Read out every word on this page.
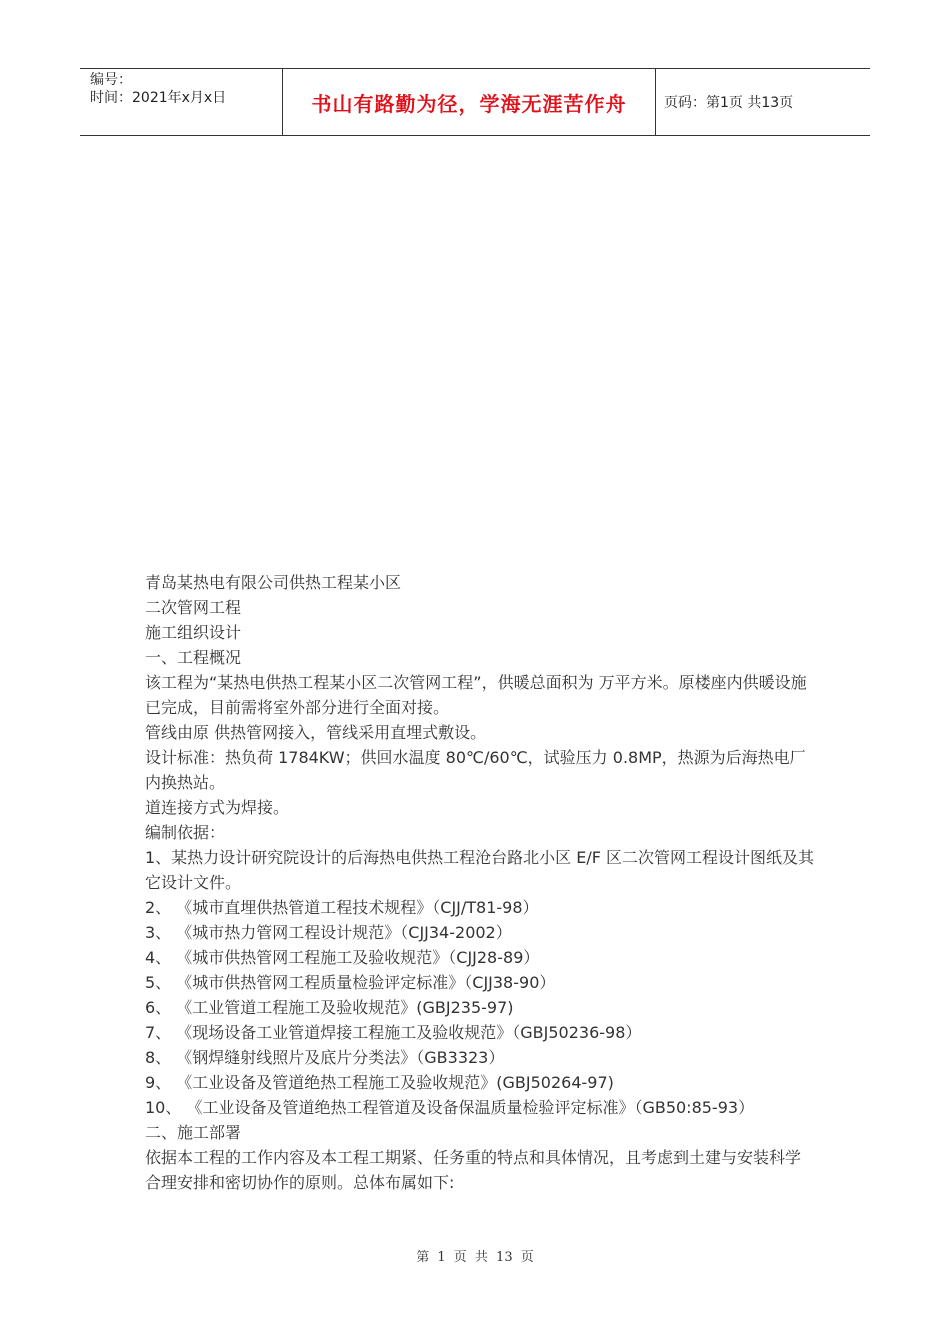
编号：
时间：2021年x月x日	书山有路勤为径，学海无涯苦作舟	页码：第1页 共13页

青岛某热电有限公司供热工程某小区

二次管网工程

施工组织设计

一、工程概况

该工程为“某热电供热工程某小区二次管网工程”，供暖总面积为 万平方米。原楼座内供暖设施已完成，目前需将室外部分进行全面对接。

管线由原 供热管网接入，管线采用直埋式敷设。

设计标准：热负荷 1784KW；供回水温度 80℃/60℃，试验压力 0.8MP，热源为后海热电厂内换热站。

道连接方式为焊接。

编制依据：

1、某热力设计研究院设计的后海热电供热工程沧台路北小区 E/F 区二次管网工程设计图纸及其它设计文件。

2、 《城市直埋供热管道工程技术规程》（CJJ/T81-98）

3、 《城市热力管网工程设计规范》（CJJ34-2002）

4、 《城市供热管网工程施工及验收规范》（CJJ28-89）

5、 《城市供热管网工程质量检验评定标准》（CJJ38-90）

6、 《工业管道工程施工及验收规范》(GBJ235-97)

7、 《现场设备工业管道焊接工程施工及验收规范》（GBJ50236-98）

8、 《钢焊缝射线照片及底片分类法》（GB3323）

9、 《工业设备及管道绝热工程施工及验收规范》(GBJ50264-97)

10、 《工业设备及管道绝热工程管道及设备保温质量检验评定标准》（GB50:85-93）

二、施工部署

依据本工程的工作内容及本工程工期紧、任务重的特点和具体情况，且考虑到土建与安装科学合理安排和密切协作的原则。总体布属如下:

第 1 页 共 13 页
